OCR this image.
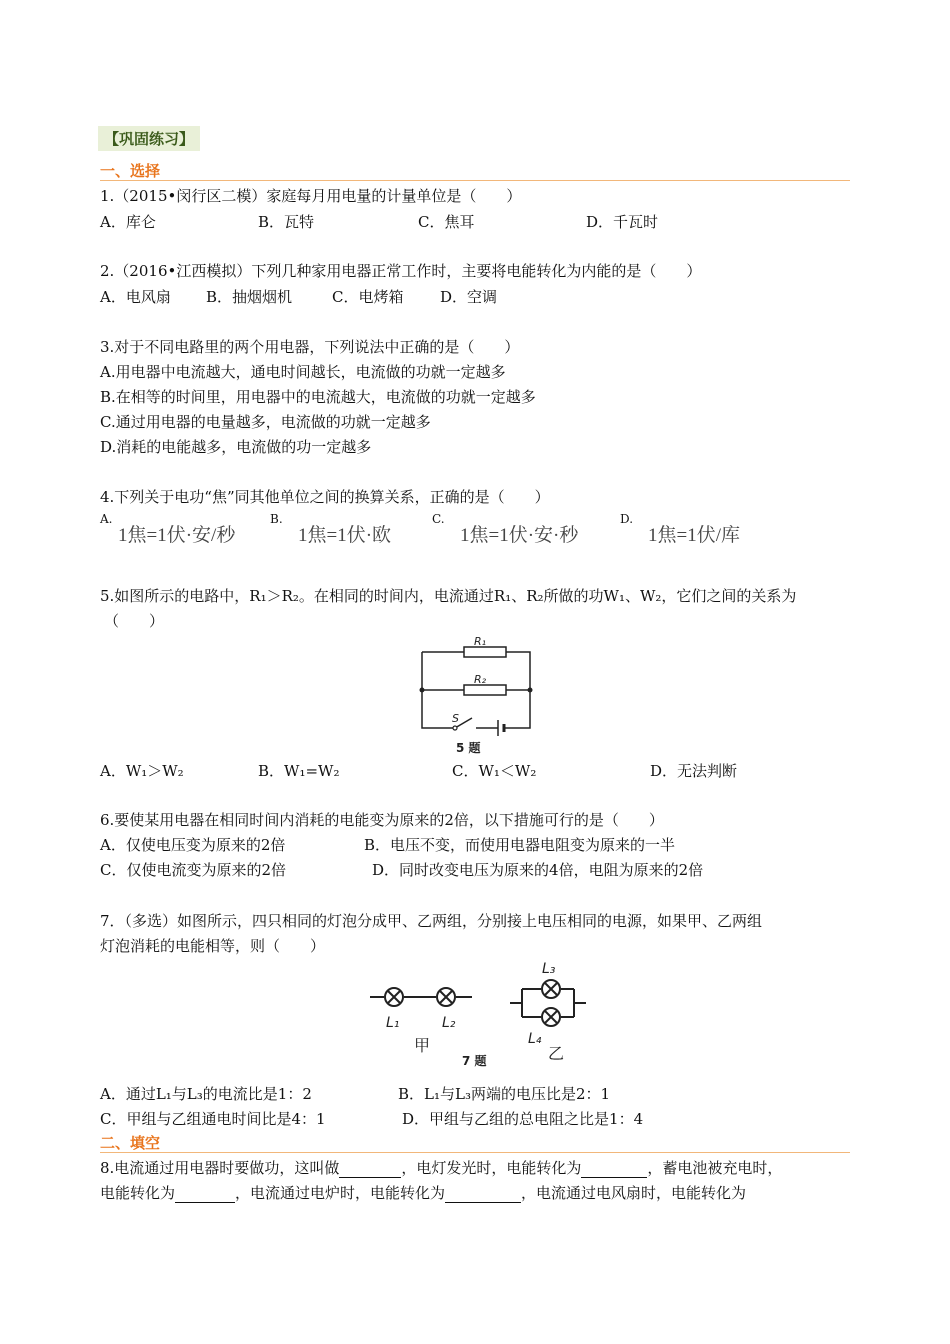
【巩固练习】
一、选择
1.（2015•闵行区二模）家庭每月用电量的计量单位是（　　）
A．库仑	B．瓦特	C．焦耳	D．千瓦时
2.（2016•江西模拟）下列几种家用电器正常工作时，主要将电能转化为内能的是（　　）
A．电风扇 B．抽烟烟机	C．电烤箱 D．空调
3.对于不同电路里的两个用电器，下列说法中正确的是（　　）
A.用电器中电流越大，通电时间越长，电流做的功就一定越多
B.在相等的时间里，用电器中的电流越大，电流做的功就一定越多
C.通过用电器的电量越多，电流做的功就一定越多
D.消耗的电能越多，电流做的功一定越多
4.下列关于电功“焦”同其他单位之间的换算关系，正确的是（　　）
A.
1焦=1伏·安/秒
B.
1焦=1伏·欧
C.
1焦=1伏·安·秒
D.
1焦=1伏/库
5.如图所示的电路中，R₁＞R₂。在相同的时间内，电流通过R₁、R₂所做的功W₁、W₂，它们之间的关系为
（　　）
R₁
R₂
S
5 题
A．W₁＞W₂	B．W₁=W₂	C．W₁＜W₂	D．无法判断
6.要使某用电器在相同时间内消耗的电能变为原来的2倍，以下措施可行的是（　　）
A．仅使电压变为原来的2倍	B．电压不变，而使用电器电阻变为原来的一半
C．仅使电流变为原来的2倍	D．同时改变电压为原来的4倍，电阻为原来的2倍
7．（多选）如图所示，四只相同的灯泡分成甲、乙两组，分别接上电压相同的电源，如果甲、乙两组
灯泡消耗的电能相等，则（　　）
L₁	L₂
L₃
L₄
甲	乙
7 题
A．通过L₁与L₃的电流比是1：2	B．L₁与L₃两端的电压比是2：1
C．甲组与乙组通电时间比是4：1	D．甲组与乙组的总电阻之比是1：4
二、填空
8.电流通过用电器时要做功，这叫做	，电灯发光时，电能转化为	，蓄电池被充电时，
电能转化为	，电流通过电炉时，电能转化为	，电流通过电风扇时，电能转化为
